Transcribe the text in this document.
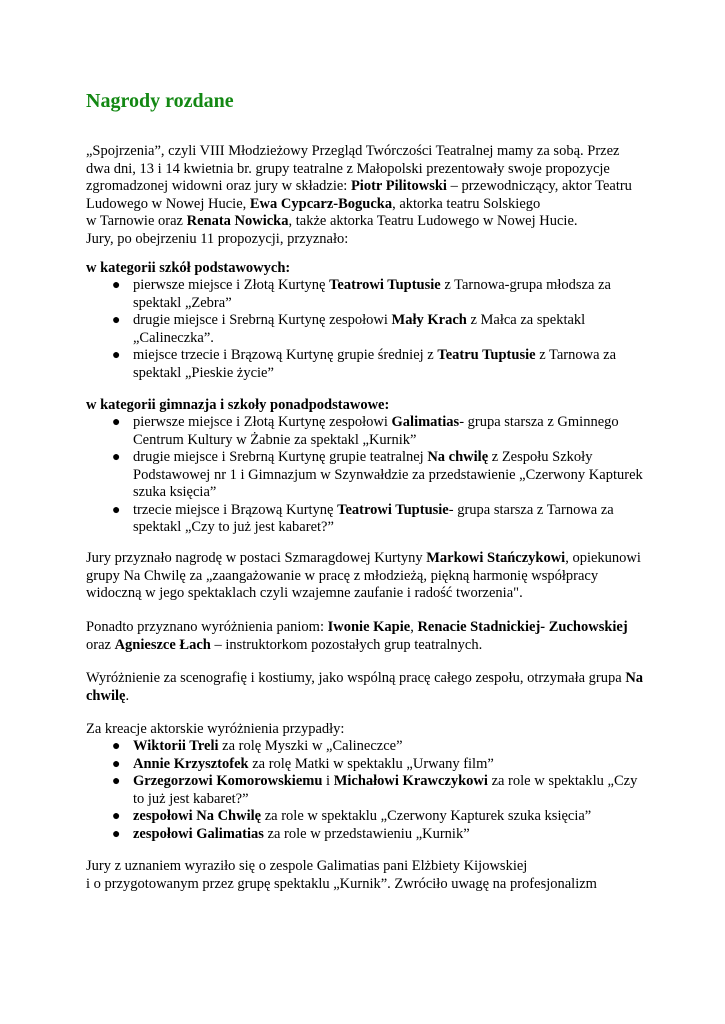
Nagrody rozdane

„Spojrzenia”, czyli VIII Młodzieżowy Przegląd Twórczości Teatralnej mamy za sobą. Przez dwa dni, 13 i 14 kwietnia br. grupy teatralne z Małopolski prezentowały swoje propozycje zgromadzonej widowni oraz jury w składzie: Piotr Pilitowski – przewodniczący, aktor Teatru Ludowego w Nowej Hucie, Ewa Cypcarz-Bogucka, aktorka teatru Solskiego
w Tarnowie oraz Renata Nowicka, także aktorka Teatru Ludowego w Nowej Hucie.
Jury, po obejrzeniu 11 propozycji, przyznało:

w kategorii szkół podstawowych:

● pierwsze miejsce i Złotą Kurtynę Teatrowi Tuptusie z Tarnowa-grupa młodsza za spektakl „Zebra”
● drugie miejsce i Srebrną Kurtynę zespołowi Mały Krach z Małca za spektakl „Calineczka”.
● miejsce trzecie i Brązową Kurtynę grupie średniej z Teatru Tuptusie z Tarnowa za spektakl „Pieskie życie”

w kategorii gimnazja i szkoły ponadpodstawowe:

● pierwsze miejsce i Złotą Kurtynę zespołowi Galimatias- grupa starsza z Gminnego Centrum Kultury w Żabnie za spektakl „Kurnik”
● drugie miejsce i Srebrną Kurtynę grupie teatralnej Na chwilę z Zespołu Szkoły Podstawowej nr 1 i Gimnazjum w Szynwałdzie za przedstawienie „Czerwony Kapturek szuka księcia”
● trzecie miejsce i Brązową Kurtynę Teatrowi Tuptusie- grupa starsza z Tarnowa za spektakl „Czy to już jest kabaret?”

Jury przyznało nagrodę w postaci Szmaragdowej Kurtyny Markowi Stańczykowi, opiekunowi grupy Na Chwilę za „zaangażowanie w pracę z młodzieżą, piękną harmonię współpracy widoczną w jego spektaklach czyli wzajemne zaufanie i radość tworzenia".

Ponadto przyznano wyróżnienia paniom: Iwonie Kapie, Renacie Stadnickiej- Zuchowskiej oraz Agnieszce Łach – instruktorkom pozostałych grup teatralnych.

Wyróżnienie za scenografię i kostiumy, jako wspólną pracę całego zespołu, otrzymała grupa Na chwilę.

Za kreacje aktorskie wyróżnienia przypadły:

● Wiktorii Treli za rolę Myszki w „Calineczce”
● Annie Krzysztofek za rolę Matki w spektaklu „Urwany film”
● Grzegorzowi Komorowskiemu i Michałowi Krawczykowi za role w spektaklu „Czy to już jest kabaret?”
● zespołowi Na Chwilę za role w spektaklu „Czerwony Kapturek szuka księcia”
● zespołowi Galimatias za role w przedstawieniu „Kurnik”

Jury z uznaniem wyraziło się o zespole Galimatias pani Elżbiety Kijowskiej
i o przygotowanym przez grupę spektaklu „Kurnik”. Zwróciło uwagę na profesjonalizm
